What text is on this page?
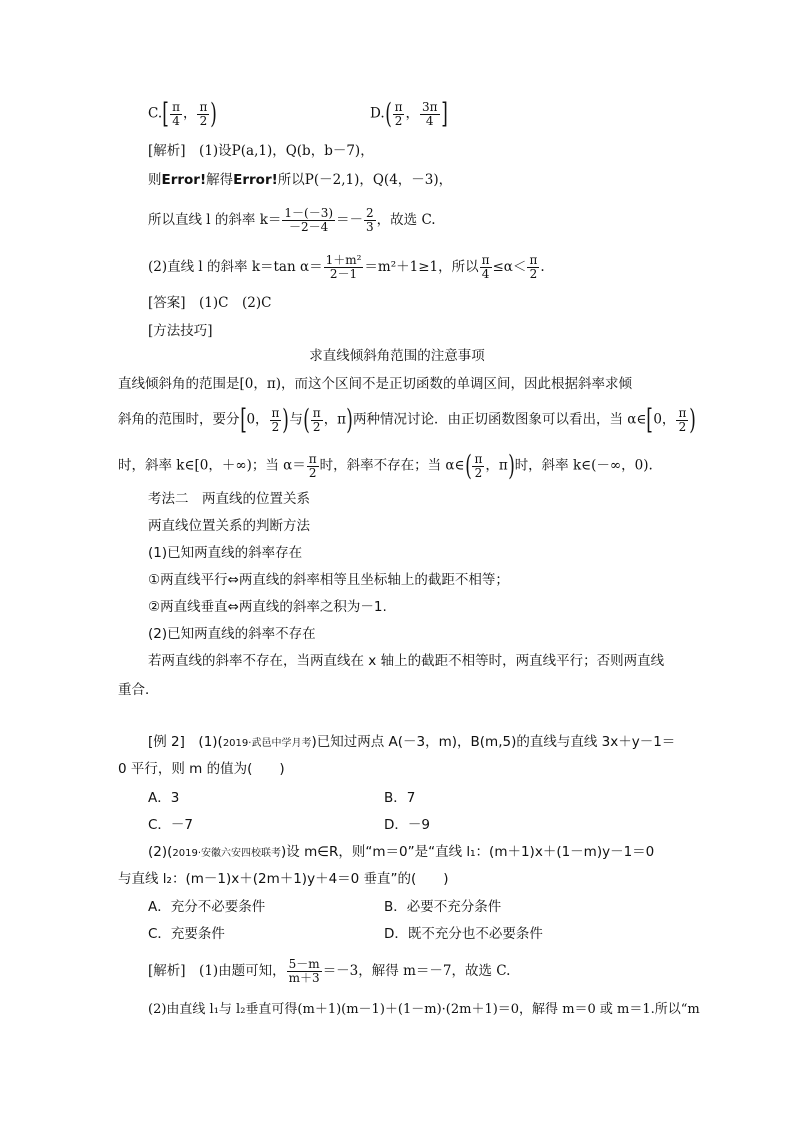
$C.[ \frac{\pi}{4}$ ， $\frac{\pi}{2}$ )	$D.( \frac{\pi}{2}$ ， $\frac{3\pi}{4}$ ]
[解析]　 (1)设P(a,1)，Q(b，b－7)，
则Error!解得Error!所以P(－2,1)，Q(4，－3)，
所以直线 l 的斜率 $k= \frac{1-(-3)}{-2-4} =- \frac{2}{3}$ ，故选 C.
(2)直线 l 的斜率 k＝tan $\alpha= \frac{\text{1＋m²}}{2-1} =m^2+1\ge 1$，所以 $\frac{\pi}{4} \le\alpha< \frac{\pi}{2}$ .
[答案]　(1)C　(2)C
[方法技巧]
求直线倾斜角范围的注意事项
直线倾斜角的范围是[0，π)，而这个区间不是正切函数的单调区间，因此根据斜率求倾
斜角的范围时，要分[0， $\frac{\pi}{2}$ )与( $\frac{\pi}{2}$ ，π)两种情况讨论．由正切函数图象可以看出，当 α∈[0， $\frac{\pi}{2}$ )
时，斜率 k∈[0，＋∞)；当 $\alpha= \frac{\pi}{2}$ 时，斜率不存在；当 α∈( $\frac{\pi}{2}$ ，π)时，斜率 k∈(－∞，0).
考法二　两直线的位置关系
两直线位置关系的判断方法
(1)已知两直线的斜率存在
①两直线平行⇔两直线的斜率相等且坐标轴上的截距不相等；
②两直线垂直⇔两直线的斜率之积为－1.
(2)已知两直线的斜率不存在
若两直线的斜率不存在，当两直线在 x 轴上的截距不相等时，两直线平行；否则两直线
重合．
[例 2]　 (1)(2019·武邑中学月考)已知过两点 A(－3，m)，B(m,5)的直线与直线 3x＋y－1＝
0 平行，则 m 的值为(　　)
A．3	B．7
C．－7	D．－9
(2)(2019·安徽六安四校联考)设 m∈R，则“m＝0”是“直线 l₁：(m＋1)x＋(1－m)y－1＝0
与直线 l₂：(m－1)x＋(2m＋1)y＋4＝0 垂直”的(　　)
A．充分不必要条件	B．必要不充分条件
C．充要条件	D．既不充分也不必要条件
[解析]　 (1)由题可知， $\frac{5-m}{m+3} =-3$，解得 m＝－7，故选 C.
(2)由直线 l₁与 l₂垂直可得(m＋1)(m－1)＋(1－m)·(2m＋1)＝0，解得 m＝0 或 m＝1.所以“m
